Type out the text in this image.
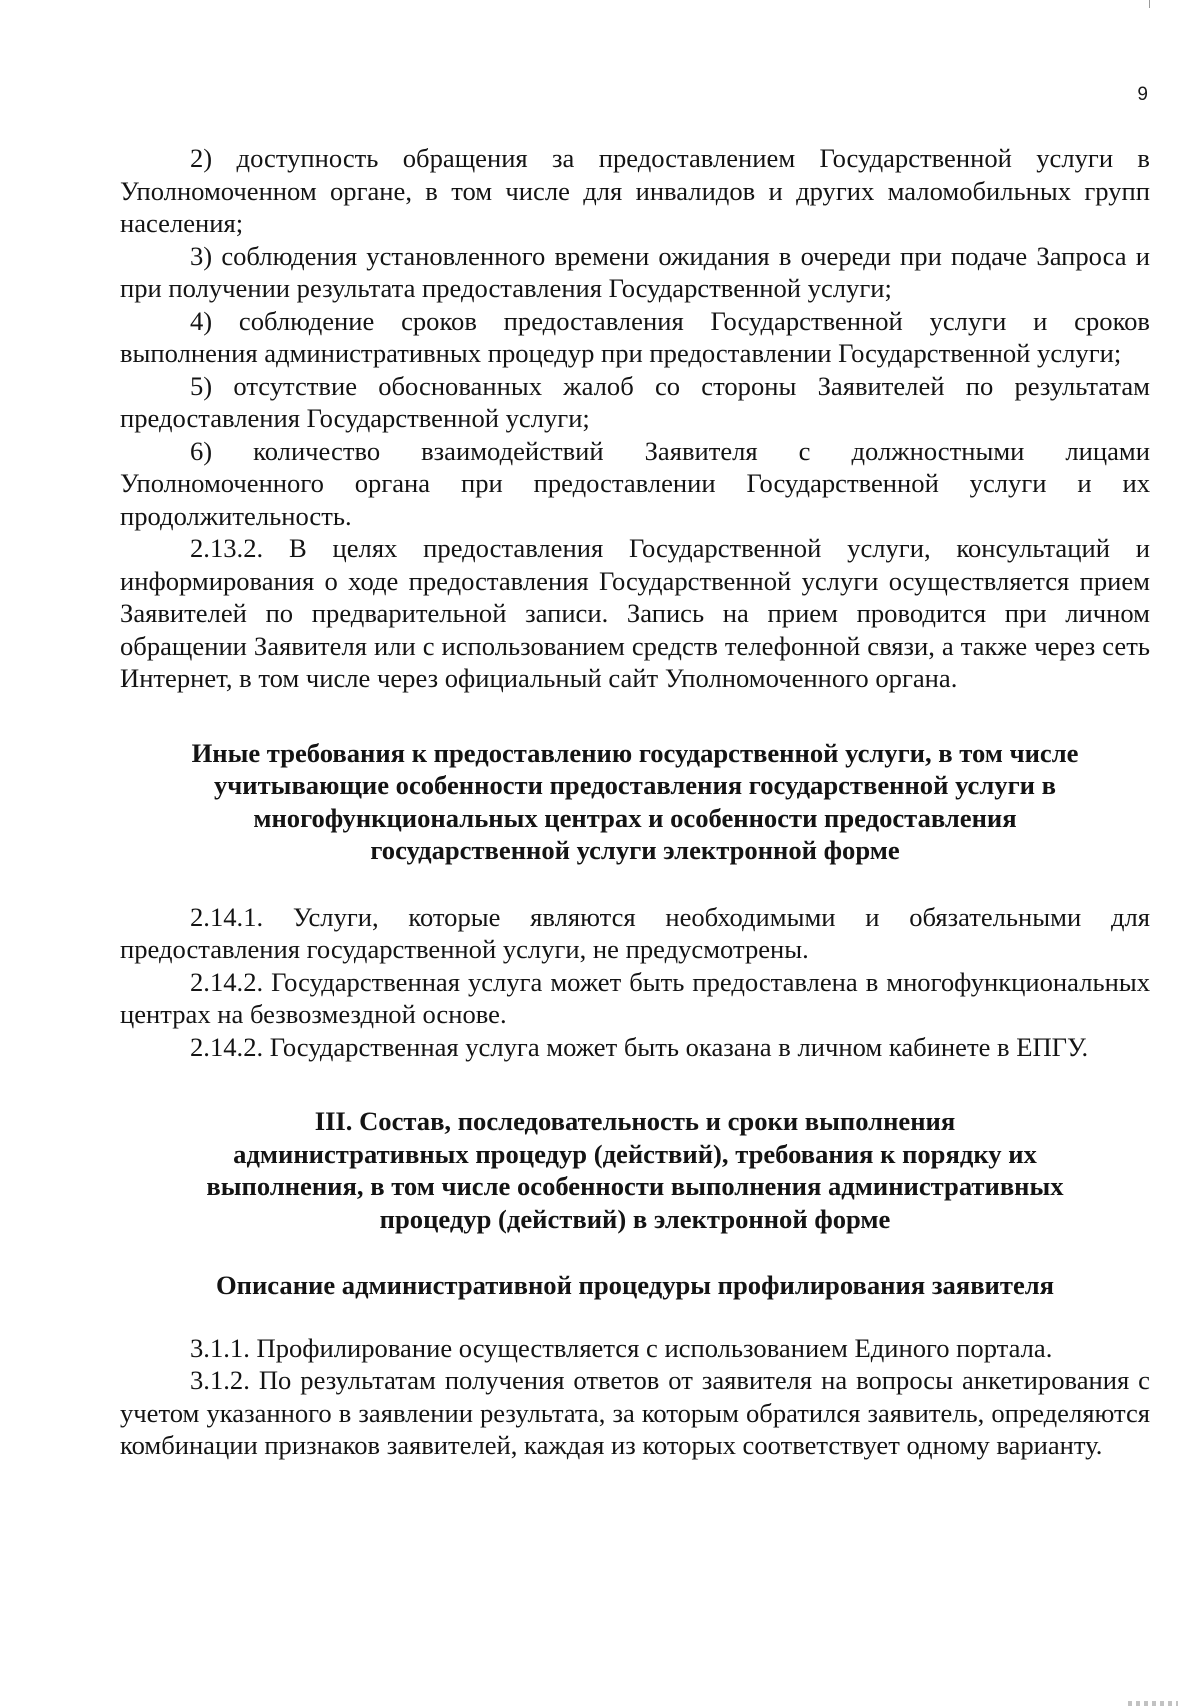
9

2) доступность обращения за предоставлением Государственной услуги в Уполномоченном органе, в том числе для инвалидов и других маломобильных групп населения;

3) соблюдения установленного времени ожидания в очереди при подаче Запроса и при получении результата предоставления Государственной услуги;

4) соблюдение сроков предоставления Государственной услуги и сроков выполнения административных процедур при предоставлении Государственной услуги;

5) отсутствие обоснованных жалоб со стороны Заявителей по результатам предоставления Государственной услуги;

6) количество взаимодействий Заявителя с должностными лицами Уполномоченного органа при предоставлении Государственной услуги и их продолжительность.

2.13.2. В целях предоставления Государственной услуги, консультаций и информирования о ходе предоставления Государственной услуги осуществляется прием Заявителей по предварительной записи. Запись на прием проводится при личном обращении Заявителя или с использованием средств телефонной связи, а также через сеть Интернет, в том числе через официальный сайт Уполномоченного органа.

Иные требования к предоставлению государственной услуги, в том числе
учитывающие особенности предоставления государственной услуги в
многофункциональных центрах и особенности предоставления
государственной услуги электронной форме

2.14.1. Услуги, которые являются необходимыми и обязательными для предоставления государственной услуги, не предусмотрены.

2.14.2. Государственная услуга может быть предоставлена в многофункциональных центрах на безвозмездной основе.

2.14.2. Государственная услуга может быть оказана в личном кабинете в ЕПГУ.

III. Состав, последовательность и сроки выполнения
административных процедур (действий), требования к порядку их
выполнения, в том числе особенности выполнения административных
процедур (действий) в электронной форме
Описание административной процедуры профилирования заявителя

3.1.1. Профилирование осуществляется с использованием Единого портала.

3.1.2. По результатам получения ответов от заявителя на вопросы анкетирования с учетом указанного в заявлении результата, за которым обратился заявитель, определяются комбинации признаков заявителей, каждая из которых соответствует одному варианту.
